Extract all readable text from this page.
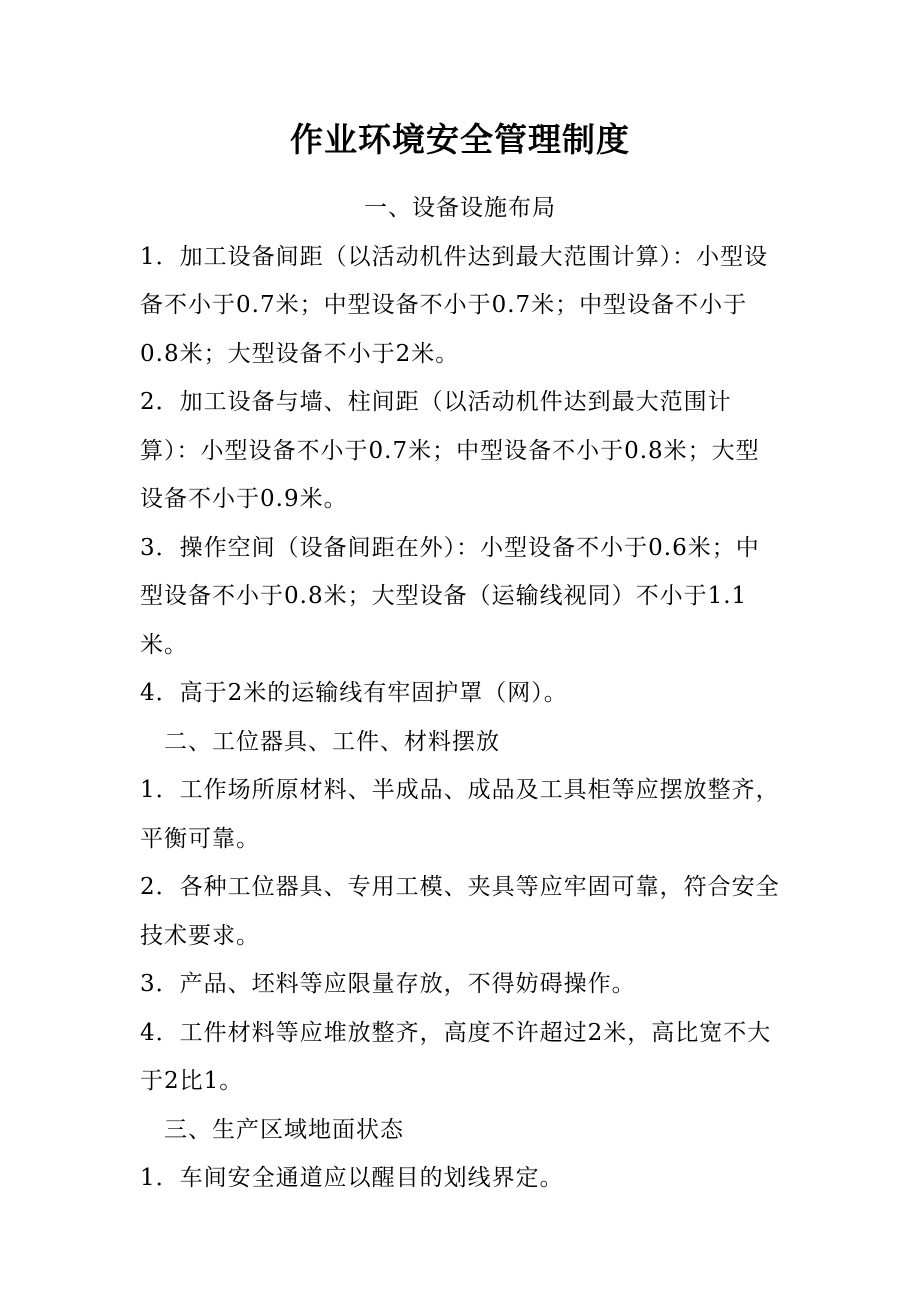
作业环境安全管理制度

一、设备设施布局

1．加工设备间距（以活动机件达到最大范围计算）：小型设备不小于0.7米；中型设备不小于0.7米；中型设备不小于0.8米；大型设备不小于2米。

2．加工设备与墙、柱间距（以活动机件达到最大范围计算）：小型设备不小于0.7米；中型设备不小于0.8米；大型设备不小于0.9米。

3．操作空间（设备间距在外）：小型设备不小于0.6米；中型设备不小于0.8米；大型设备（运输线视同）不小于1.1米。

4．高于2米的运输线有牢固护罩（网）。

二、工位器具、工件、材料摆放

1．工作场所原材料、半成品、成品及工具柜等应摆放整齐，平衡可靠。

2．各种工位器具、专用工模、夹具等应牢固可靠，符合安全技术要求。

3．产品、坯料等应限量存放，不得妨碍操作。

4．工件材料等应堆放整齐，高度不许超过2米，高比宽不大于2比1。

三、生产区域地面状态

1．车间安全通道应以醒目的划线界定。
